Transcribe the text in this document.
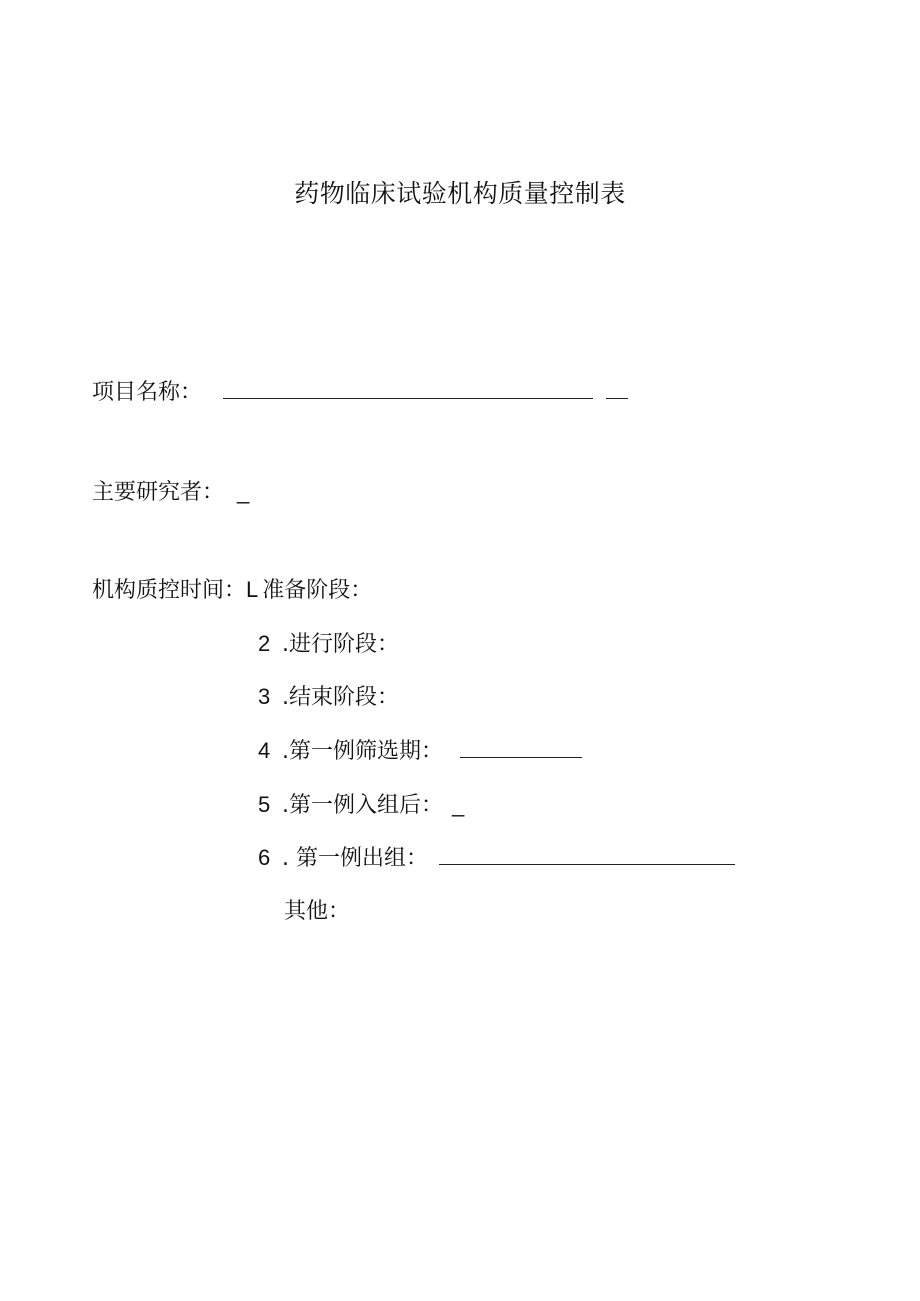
药物临床试验机构质量控制表
项目名称：
主要研究者： _
机构质控时间：L 准备阶段：
2 .进行阶段：
3 .结束阶段：
4 .第一例筛选期：
5 .第一例入组后： _
6 . 第一例出组：
其他：
